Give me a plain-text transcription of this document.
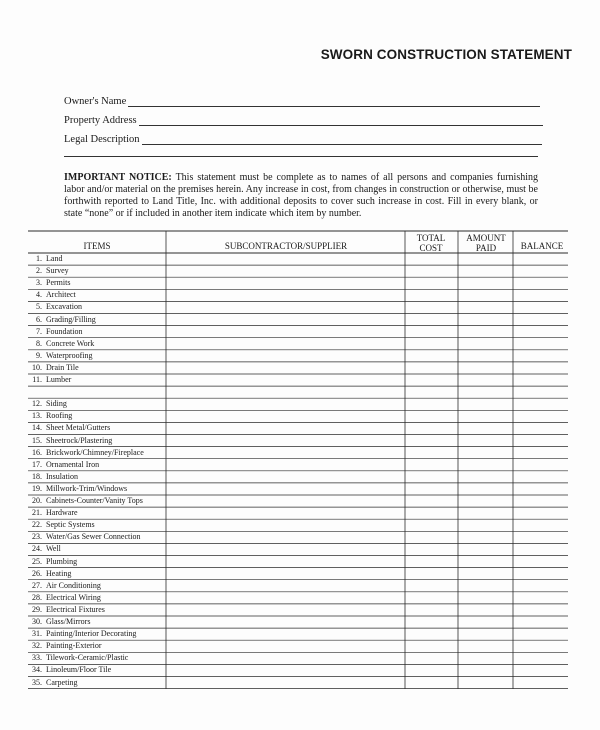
SWORN CONSTRUCTION STATEMENT
Owner's Name
Property Address
Legal Description
IMPORTANT NOTICE: This statement must be complete as to names of all persons and companies furnishing labor and/or material on the premises herein. Any increase in cost, from changes in construction or otherwise, must be forthwith reported to Land Title, Inc. with additional deposits to cover such increase in cost. Fill in every blank, or state “none” or if included in another item indicate which item by number.
ITEMS	SUBCONTRACTOR/SUPPLIER
TOTAL COST
AMOUNT PAID	BALANCE
1. Land
2. Survey
3. Permits
4. Architect
5. Excavation
6. Grading/Filling
7. Foundation
8. Concrete Work
9. Waterproofing
10. Drain Tile
11. Lumber
12. Siding
13. Roofing
14. Sheet Metal/Gutters
15. Sheetrock/Plastering
16. Brickwork/Chimney/Fireplace
17. Ornamental Iron
18. Insulation
19. Millwork-Trim/Windows
20. Cabinets-Counter/Vanity Tops
21. Hardware
22. Septic Systems
23. Water/Gas Sewer Connection
24. Well
25. Plumbing
26. Heating
27. Air Conditioning
28. Electrical Wiring
29. Electrical Fixtures
30. Glass/Mirrors
31. Painting/Interior Decorating
32. Painting-Exterior
33. Tilework-Ceramic/Plastic
34. Linoleum/Floor Tile
35. Carpeting
